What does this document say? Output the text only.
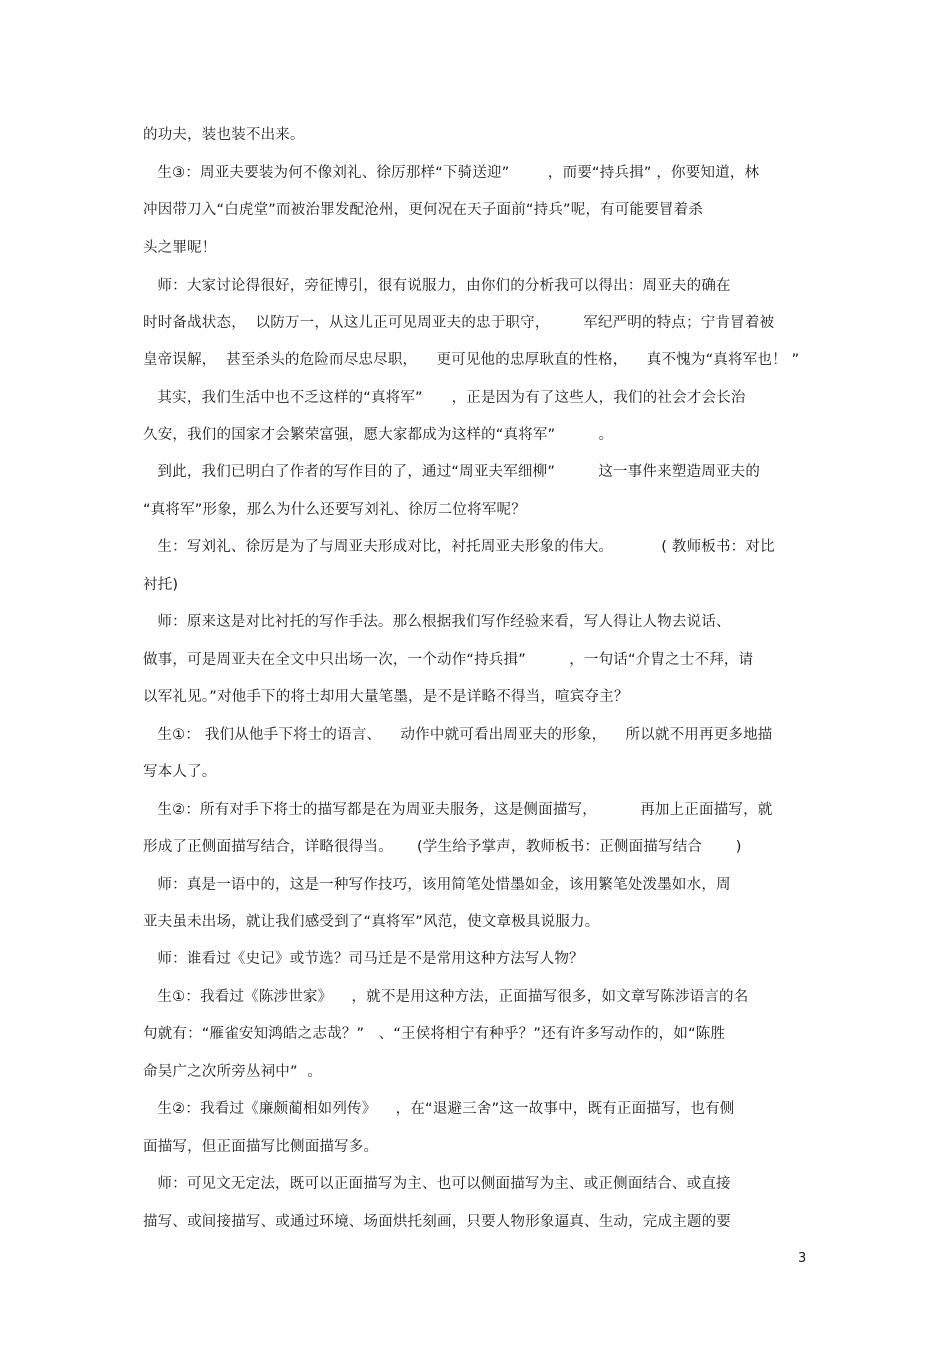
的功夫，装也装不出来。
生③：周亚夫要装为何不像刘礼、徐厉那样“下骑送迎”        ，而要“持兵揖” ，你要知道，林
冲因带刀入“白虎堂”而被治罪发配沧州，更何况在天子面前“持兵”呢，有可能要冒着杀
头之罪呢！
师：大家讨论得很好，旁征博引，很有说服力，由你们的分析我可以得出：周亚夫的确在
时时备战状态，  以防万一，从这儿正可见周亚夫的忠于职守，       军纪严明的特点；宁肯冒着被
皇帝误解，  甚至杀头的危险而尽忠尽职，    更可见他的忠厚耿直的性格，    真不愧为“真将军也！ ”
其实，我们生活中也不乏这样的“真将军”      ，正是因为有了这些人，我们的社会才会长治
久安，我们的国家才会繁荣富强，愿大家都成为这样的“真将军”         。
到此，我们已明白了作者的写作目的了，通过“周亚夫军细柳”         这一事件来塑造周亚夫的
“真将军”形象，那么为什么还要写刘礼、徐厉二位将军呢？
生：写刘礼、徐厉是为了与周亚夫形成对比，衬托周亚夫形象的伟大。          ( 教师板书：对比
衬托)
师：原来这是对比衬托的写作手法。那么根据我们写作经验来看，写人得让人物去说话、
做事，可是周亚夫在全文中只出场一次，一个动作“持兵揖”         ，一句话“介胄之士不拜，请
以军礼见。”对他手下的将士却用大量笔墨，是不是详略不得当，喧宾夺主？
生①： 我们从他手下将士的语言、    动作中就可看出周亚夫的形象，    所以就不用再更多地描
写本人了。
生②：所有对手下将士的描写都是在为周亚夫服务，这是侧面描写，         再加上正面描写，就
形成了正侧面描写结合，详略很得当。     (学生给予掌声，教师板书：正侧面描写结合       )
师：真是一语中的，这是一种写作技巧，该用简笔处惜墨如金，该用繁笔处泼墨如水，周
亚夫虽未出场，就让我们感受到了“真将军”风范，使文章极具说服力。
师：谁看过《史记》或节选？司马迁是不是常用这种方法写人物？
生①：我看过《陈涉世家》    ，就不是用这种方法，正面描写很多，如文章写陈涉语言的名
句就有：“雁雀安知鸿皓之志哉？”   、“王侯将相宁有种乎？”还有许多写动作的，如“陈胜
命吴广之次所旁丛祠中”  。
生②：我看过《廉颇蔺相如列传》    ，在“退避三舍”这一故事中，既有正面描写，也有侧
面描写，但正面描写比侧面描写多。
师：可见文无定法，既可以正面描写为主、也可以侧面描写为主、或正侧面结合、或直接
描写、或间接描写、或通过环境、场面烘托刻画，只要人物形象逼真、生动，完成主题的要
3
